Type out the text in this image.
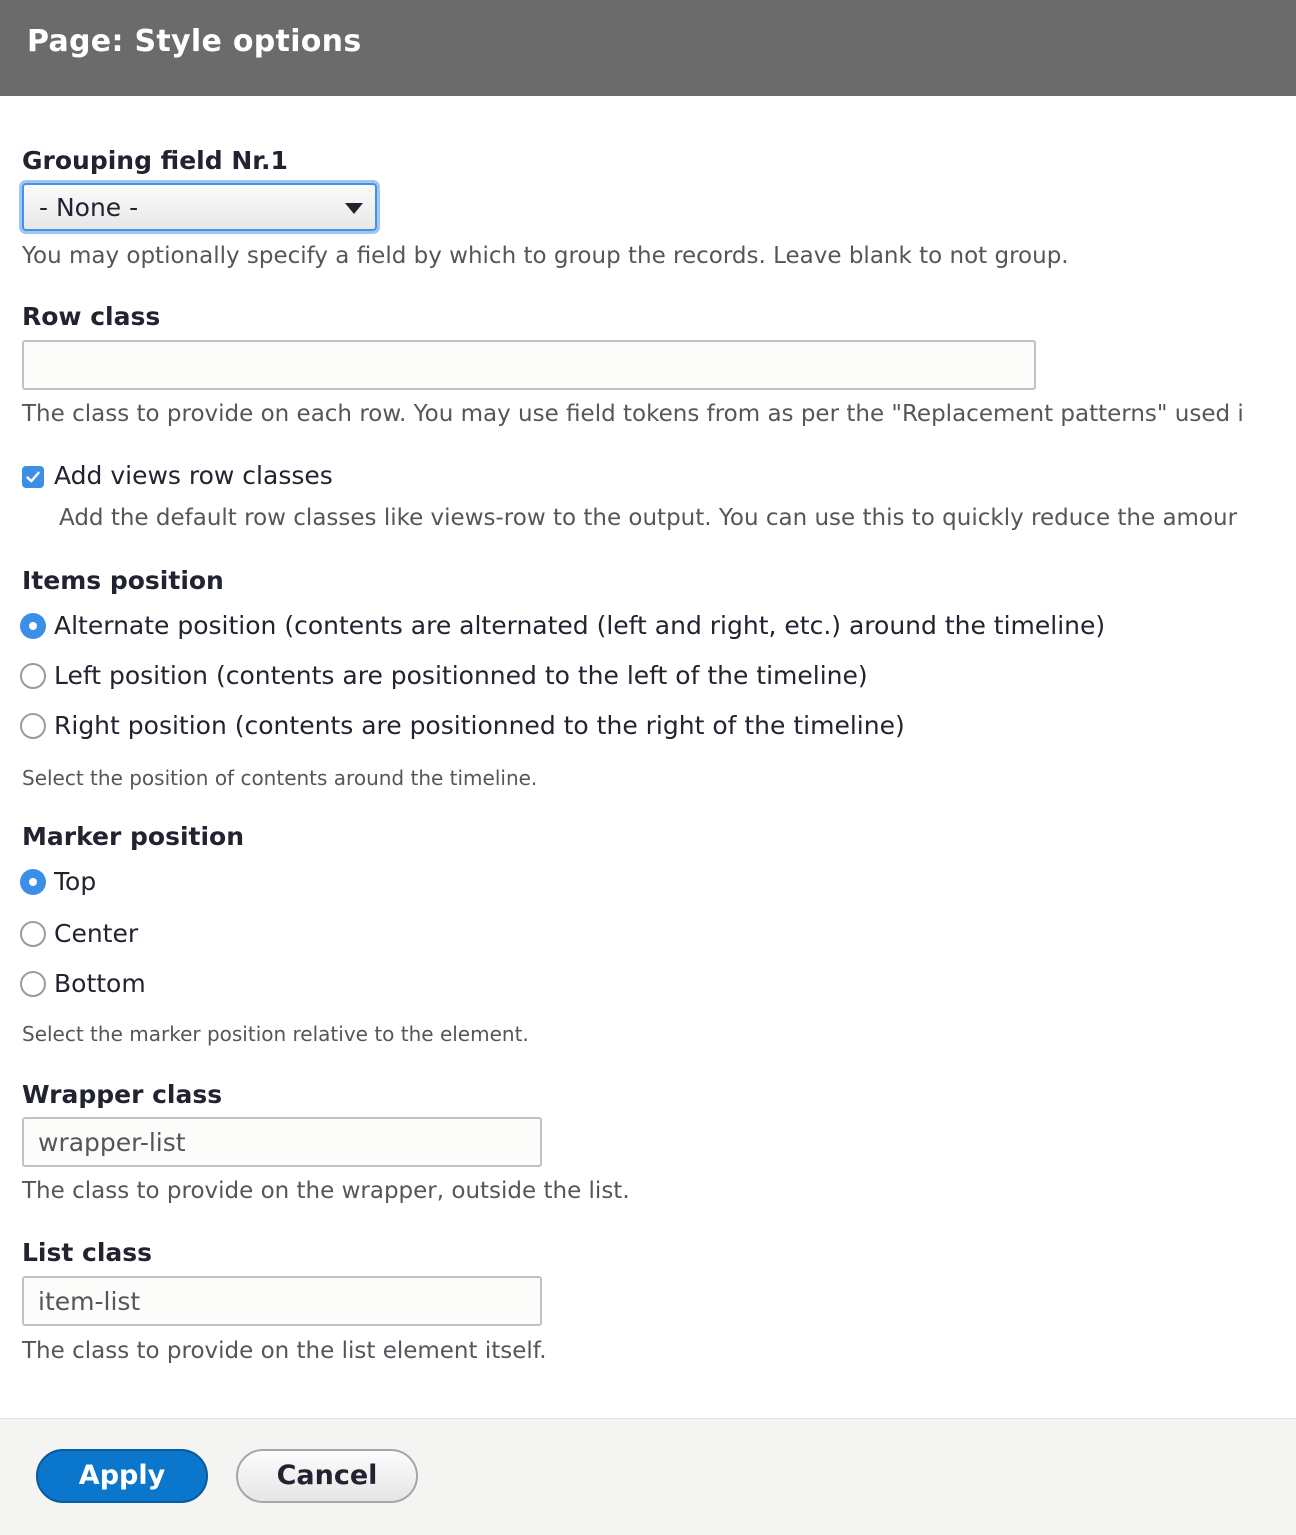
Page: Style options
Grouping field Nr.1
- None -
You may optionally specify a field by which to group the records. Leave blank to not group.
Row class
The class to provide on each row. You may use field tokens from as per the "Replacement patterns" used i
Add views row classes
Add the default row classes like views-row to the output. You can use this to quickly reduce the amour
Items position
Alternate position (contents are alternated (left and right, etc.) around the timeline)
Left position (contents are positionned to the left of the timeline)
Right position (contents are positionned to the right of the timeline)
Select the position of contents around the timeline.
Marker position
Top
Center
Bottom
Select the marker position relative to the element.
Wrapper class
wrapper-list
The class to provide on the wrapper, outside the list.
List class
item-list
The class to provide on the list element itself.
Apply	Cancel
